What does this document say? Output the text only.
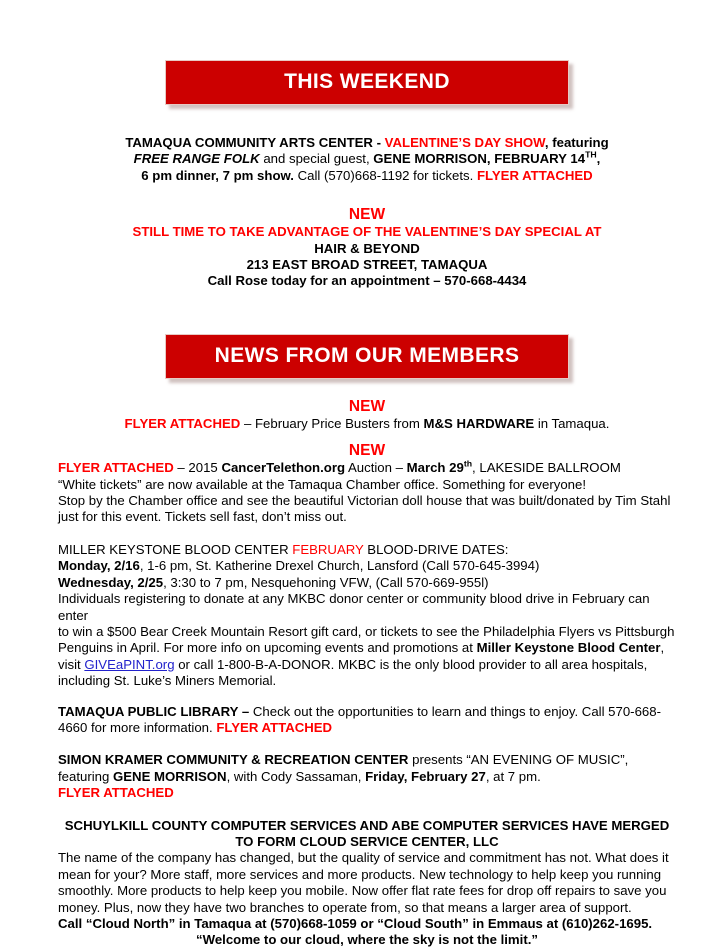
THIS WEEKEND
TAMAQUA COMMUNITY ARTS CENTER - VALENTINE’S DAY SHOW, featuring
FREE RANGE FOLK and special guest, GENE MORRISON, FEBRUARY 14TH,
6 pm dinner, 7 pm show. Call (570)668-1192 for tickets. FLYER ATTACHED
NEW
STILL TIME TO TAKE ADVANTAGE OF THE VALENTINE’S DAY SPECIAL AT
HAIR & BEYOND
213 EAST BROAD STREET, TAMAQUA
Call Rose today for an appointment – 570-668-4434
NEWS FROM OUR MEMBERS
NEW
FLYER ATTACHED – February Price Busters from M&S HARDWARE in Tamaqua.
NEW
FLYER ATTACHED – 2015 CancerTelethon.org Auction – March 29th, LAKESIDE BALLROOM
“White tickets” are now available at the Tamaqua Chamber office. Something for everyone!
Stop by the Chamber office and see the beautiful Victorian doll house that was built/donated by Tim Stahl
just for this event. Tickets sell fast, don’t miss out.
MILLER KEYSTONE BLOOD CENTER FEBRUARY BLOOD-DRIVE DATES:
Monday, 2/16, 1-6 pm, St. Katherine Drexel Church, Lansford (Call 570-645-3994)
Wednesday, 2/25, 3:30 to 7 pm, Nesquehoning VFW, (Call 570-669-955l)
Individuals registering to donate at any MKBC donor center or community blood drive in February can enter
to win a $500 Bear Creek Mountain Resort gift card, or tickets to see the Philadelphia Flyers vs Pittsburgh
Penguins in April. For more info on upcoming events and promotions at Miller Keystone Blood Center,
visit GIVEaPINT.org or call 1-800-B-A-DONOR. MKBC is the only blood provider to all area hospitals,
including St. Luke’s Miners Memorial.
TAMAQUA PUBLIC LIBRARY – Check out the opportunities to learn and things to enjoy. Call 570-668-
4660 for more information. FLYER ATTACHED
SIMON KRAMER COMMUNITY & RECREATION CENTER presents “AN EVENING OF MUSIC”,
featuring GENE MORRISON, with Cody Sassaman, Friday, February 27, at 7 pm.
FLYER ATTACHED
SCHUYLKILL COUNTY COMPUTER SERVICES AND ABE COMPUTER SERVICES HAVE MERGED
TO FORM CLOUD SERVICE CENTER, LLC
The name of the company has changed, but the quality of service and commitment has not. What does it
mean for your? More staff, more services and more products. New technology to help keep you running
smoothly. More products to help keep you mobile. Now offer flat rate fees for drop off repairs to save you
money. Plus, now they have two branches to operate from, so that means a larger area of support.
Call “Cloud North” in Tamaqua at (570)668-1059 or “Cloud South” in Emmaus at (610)262-1695.
“Welcome to our cloud, where the sky is not the limit.”
